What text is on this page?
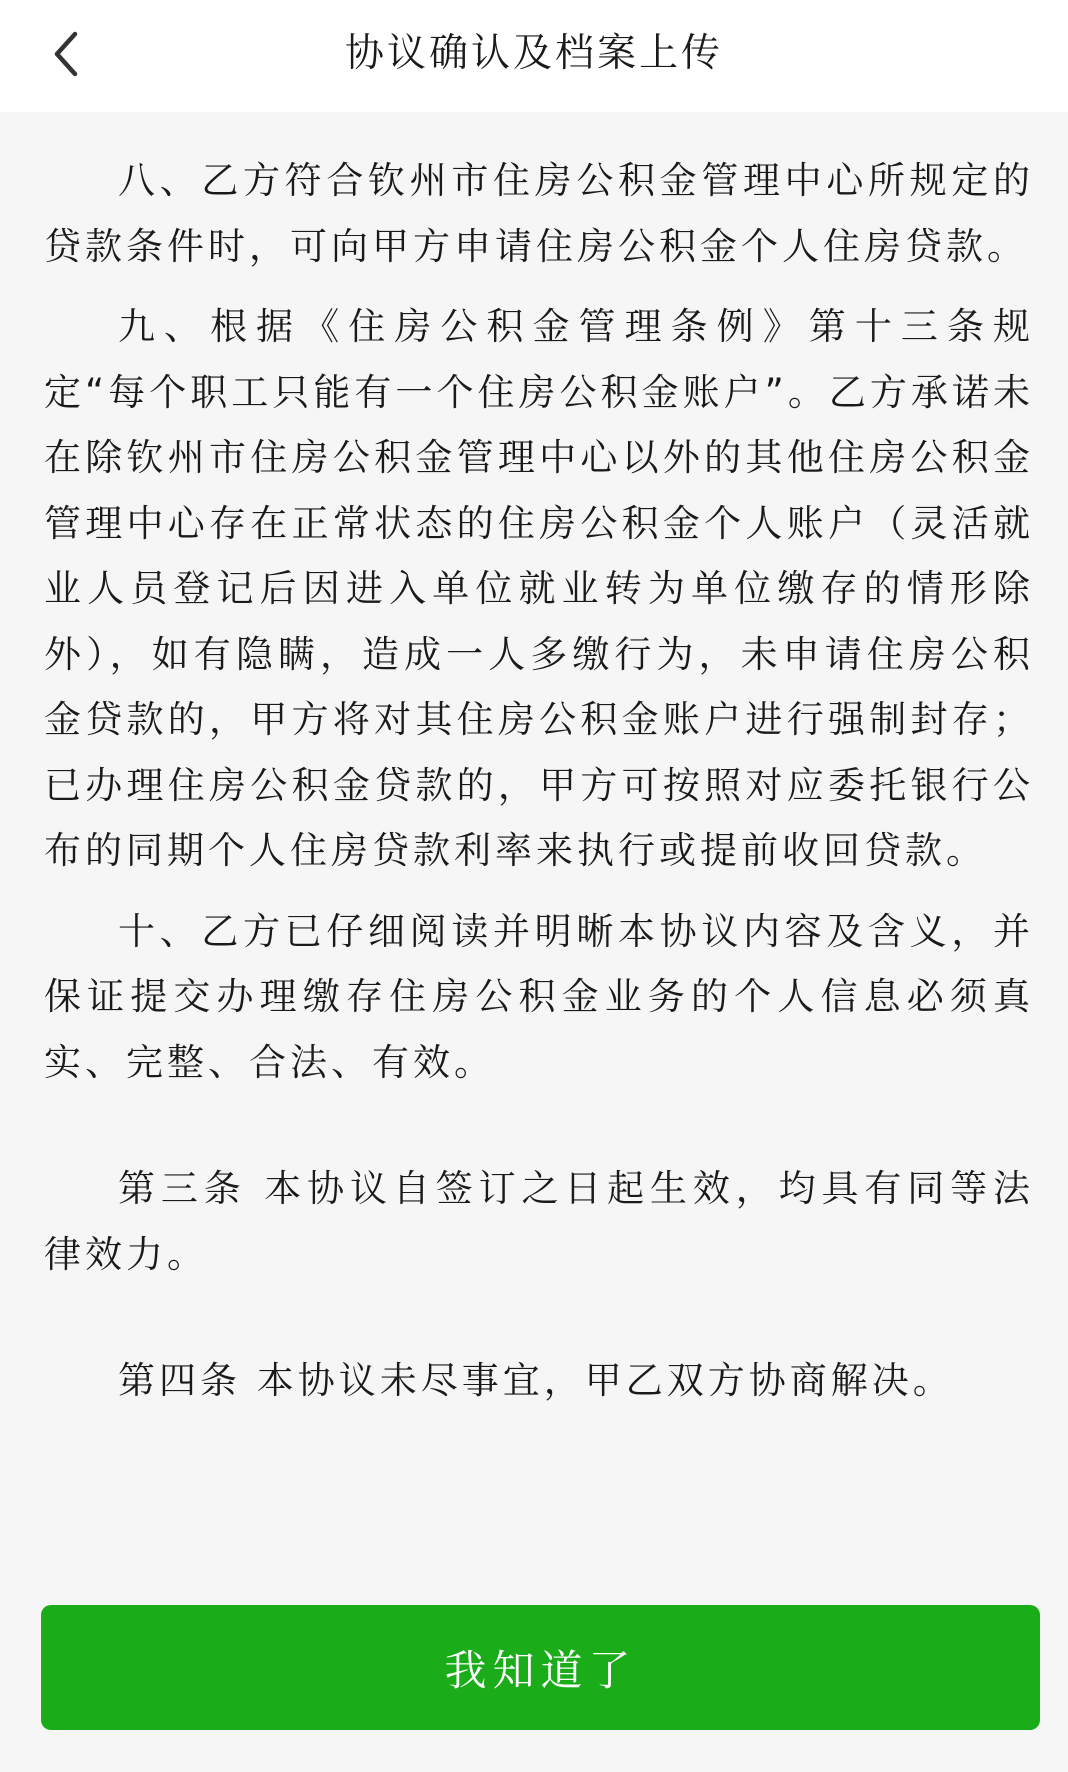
协议确认及档案上传

八、乙方符合钦州市住房公积金管理中心所规定的贷款条件时，可向甲方申请住房公积金个人住房贷款。

九、根据《住房公积金管理条例》第十三条规定“每个职工只能有一个住房公积金账户”。乙方承诺未在除钦州市住房公积金管理中心以外的其他住房公积金管理中心存在正常状态的住房公积金个人账户（灵活就业人员登记后因进入单位就业转为单位缴存的情形除外），如有隐瞒，造成一人多缴行为，未申请住房公积金贷款的，甲方将对其住房公积金账户进行强制封存；已办理住房公积金贷款的，甲方可按照对应委托银行公布的同期个人住房贷款利率来执行或提前收回贷款。

十、乙方已仔细阅读并明晰本协议内容及含义，并保证提交办理缴存住房公积金业务的个人信息必须真实、完整、合法、有效。

第三条 本协议自签订之日起生效，均具有同等法律效力。

第四条 本协议未尽事宜，甲乙双方协商解决。

我知道了
